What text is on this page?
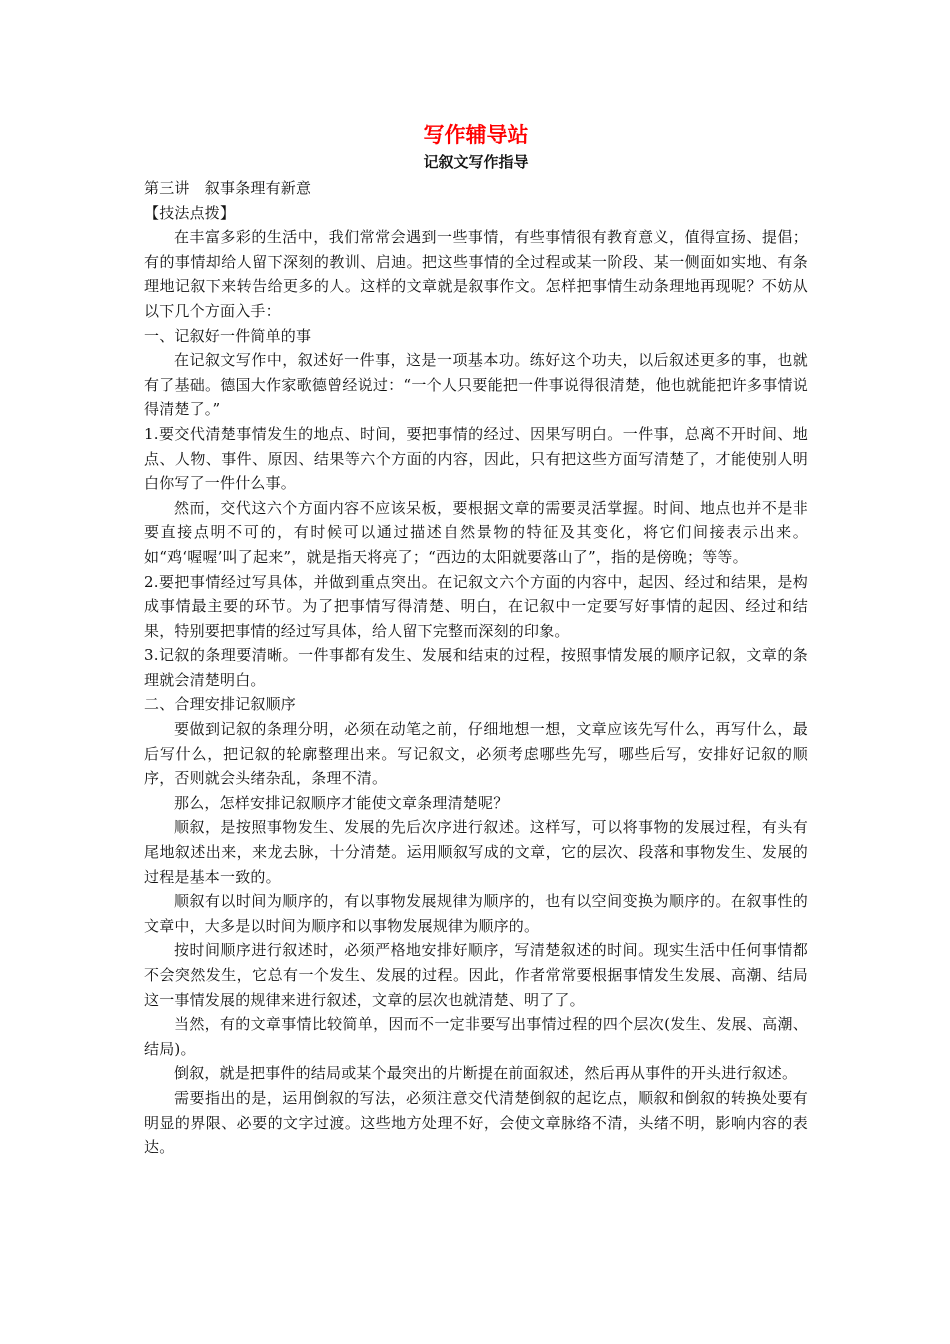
写作辅导站
记叙文写作指导

第三讲　叙事条理有新意

【技法点拨】

在丰富多彩的生活中，我们常常会遇到一些事情，有些事情很有教育意义，值得宣扬、提倡；有的事情却给人留下深刻的教训、启迪。把这些事情的全过程或某一阶段、某一侧面如实地、有条理地记叙下来转告给更多的人。这样的文章就是叙事作文。怎样把事情生动条理地再现呢？不妨从以下几个方面入手：

一、记叙好一件简单的事

在记叙文写作中，叙述好一件事，这是一项基本功。练好这个功夫，以后叙述更多的事，也就有了基础。德国大作家歌德曾经说过：“一个人只要能把一件事说得很清楚，他也就能把许多事情说得清楚了。”

1.要交代清楚事情发生的地点、时间，要把事情的经过、因果写明白。一件事，总离不开时间、地点、人物、事件、原因、结果等六个方面的内容，因此，只有把这些方面写清楚了，才能使别人明白你写了一件什么事。

然而，交代这六个方面内容不应该呆板，要根据文章的需要灵活掌握。时间、地点也并不是非要直接点明不可的，有时候可以通过描述自然景物的特征及其变化，将它们间接表示出来。如“鸡‘喔喔’叫了起来”，就是指天将亮了；“西边的太阳就要落山了”，指的是傍晚；等等。

2.要把事情经过写具体，并做到重点突出。在记叙文六个方面的内容中，起因、经过和结果，是构成事情最主要的环节。为了把事情写得清楚、明白，在记叙中一定要写好事情的起因、经过和结果，特别要把事情的经过写具体，给人留下完整而深刻的印象。

3.记叙的条理要清晰。一件事都有发生、发展和结束的过程，按照事情发展的顺序记叙，文章的条理就会清楚明白。

二、合理安排记叙顺序

要做到记叙的条理分明，必须在动笔之前，仔细地想一想，文章应该先写什么，再写什么，最后写什么，把记叙的轮廓整理出来。写记叙文，必须考虑哪些先写，哪些后写，安排好记叙的顺序，否则就会头绪杂乱，条理不清。

那么，怎样安排记叙顺序才能使文章条理清楚呢？

顺叙，是按照事物发生、发展的先后次序进行叙述。这样写，可以将事物的发展过程，有头有尾地叙述出来，来龙去脉，十分清楚。运用顺叙写成的文章，它的层次、段落和事物发生、发展的过程是基本一致的。

顺叙有以时间为顺序的，有以事物发展规律为顺序的，也有以空间变换为顺序的。在叙事性的文章中，大多是以时间为顺序和以事物发展规律为顺序的。

按时间顺序进行叙述时，必须严格地安排好顺序，写清楚叙述的时间。现实生活中任何事情都不会突然发生，它总有一个发生、发展的过程。因此，作者常常要根据事情发生发展、高潮、结局这一事情发展的规律来进行叙述，文章的层次也就清楚、明了了。

当然，有的文章事情比较简单，因而不一定非要写出事情过程的四个层次(发生、发展、高潮、结局)。

倒叙，就是把事件的结局或某个最突出的片断提在前面叙述，然后再从事件的开头进行叙述。

需要指出的是，运用倒叙的写法，必须注意交代清楚倒叙的起讫点，顺叙和倒叙的转换处要有明显的界限、必要的文字过渡。这些地方处理不好，会使文章脉络不清，头绪不明，影响内容的表达。
